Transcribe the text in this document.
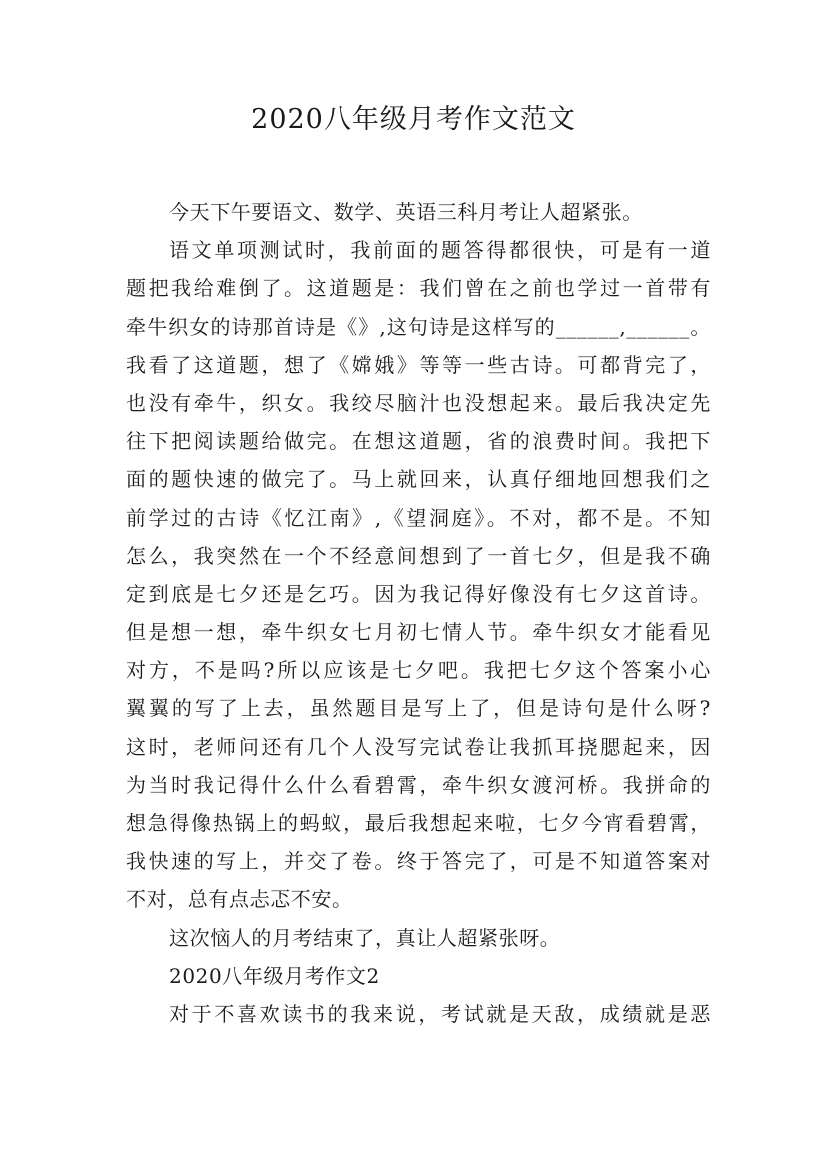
2020八年级月考作文范文
今天下午要语文、数学、英语三科月考让人超紧张。
语文单项测试时，我前面的题答得都很快，可是有一道
题把我给难倒了。这道题是：我们曾在之前也学过一首带有
牵牛织女的诗那首诗是《》,这句诗是这样写的______,______。
我看了这道题，想了《嫦娥》等等一些古诗。可都背完了，
也没有牵牛，织女。我绞尽脑汁也没想起来。最后我决定先
往下把阅读题给做完。在想这道题，省的浪费时间。我把下
面的题快速的做完了。马上就回来，认真仔细地回想我们之
前学过的古诗《忆江南》,《望洞庭》。不对，都不是。不知
怎么，我突然在一个不经意间想到了一首七夕，但是我不确
定到底是七夕还是乞巧。因为我记得好像没有七夕这首诗。
但是想一想，牵牛织女七月初七情人节。牵牛织女才能看见
对方，不是吗?所以应该是七夕吧。我把七夕这个答案小心
翼翼的写了上去，虽然题目是写上了，但是诗句是什么呀?
这时，老师问还有几个人没写完试卷让我抓耳挠腮起来，因
为当时我记得什么什么看碧霄，牵牛织女渡河桥。我拼命的
想急得像热锅上的蚂蚁，最后我想起来啦，七夕今宵看碧霄，
我快速的写上，并交了卷。终于答完了，可是不知道答案对
不对，总有点忐忑不安。
这次恼人的月考结束了，真让人超紧张呀。
2020八年级月考作文2
对于不喜欢读书的我来说，考试就是天敌，成绩就是恶
